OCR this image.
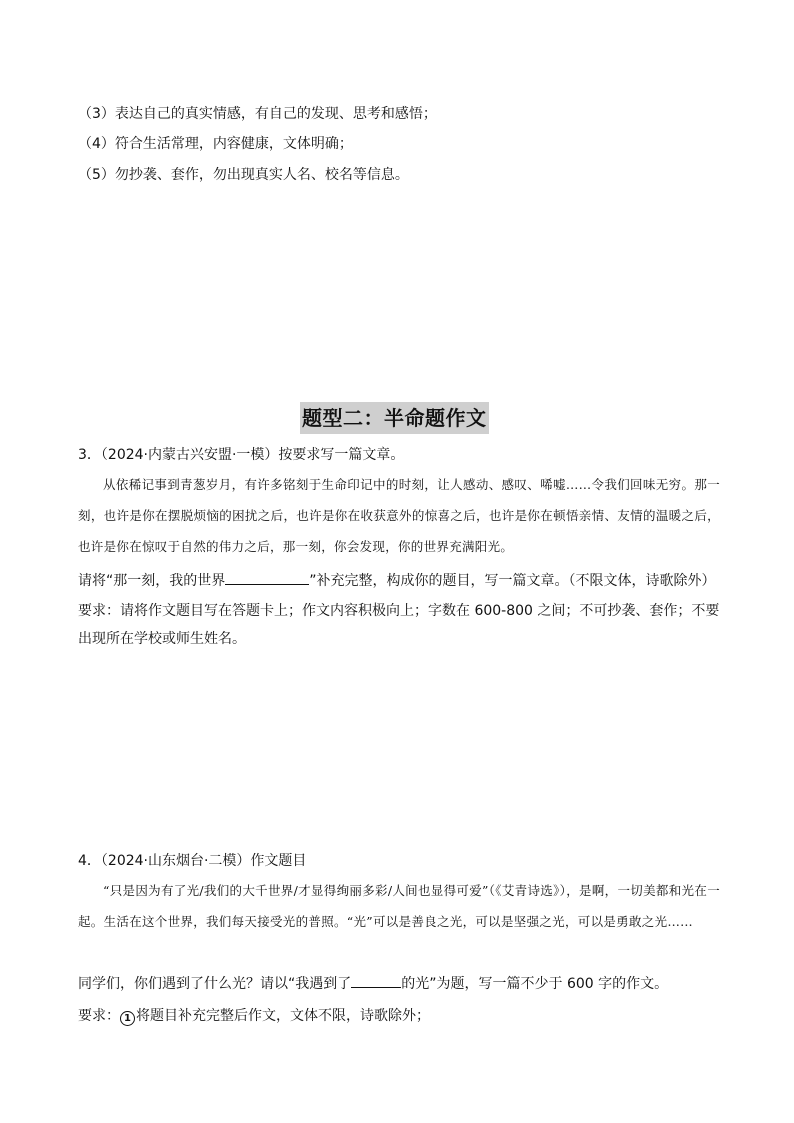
（3）表达自己的真实情感，有自己的发现、思考和感悟；
（4）符合生活常理，内容健康，文体明确；
（5）勿抄袭、套作，勿出现真实人名、校名等信息。
题型二：半命题作文
3．（2024·内蒙古兴安盟·一模）按要求写一篇文章。
从依稀记事到青葱岁月，有许多铭刻于生命印记中的时刻，让人感动、感叹、唏嘘……令我们回味无穷。那一刻，也许是你在摆脱烦恼的困扰之后，也许是你在收获意外的惊喜之后，也许是你在顿悟亲情、友情的温暖之后，也许是你在惊叹于自然的伟力之后，那一刻，你会发现，你的世界充满阳光。
请将“那一刻，我的世界	”补充完整，构成你的题目，写一篇文章。（不限文体，诗歌除外）
要求：请将作文题目写在答题卡上；作文内容积极向上；字数在 600-800 之间；不可抄袭、套作；不要出现所在学校或师生姓名。
4．（2024·山东烟台·二模）作文题目
“只是因为有了光/我们的大千世界/才显得绚丽多彩/人间也显得可爱”（《艾青诗选》），是啊，一切美都和光在一起。生活在这个世界，我们每天接受光的普照。“光”可以是善良之光，可以是坚强之光，可以是勇敢之光……
同学们，你们遇到了什么光？请以“我遇到了	的光”为题，写一篇不少于 600 字的作文。
要求： 1 将题目补充完整后作文，文体不限，诗歌除外；
